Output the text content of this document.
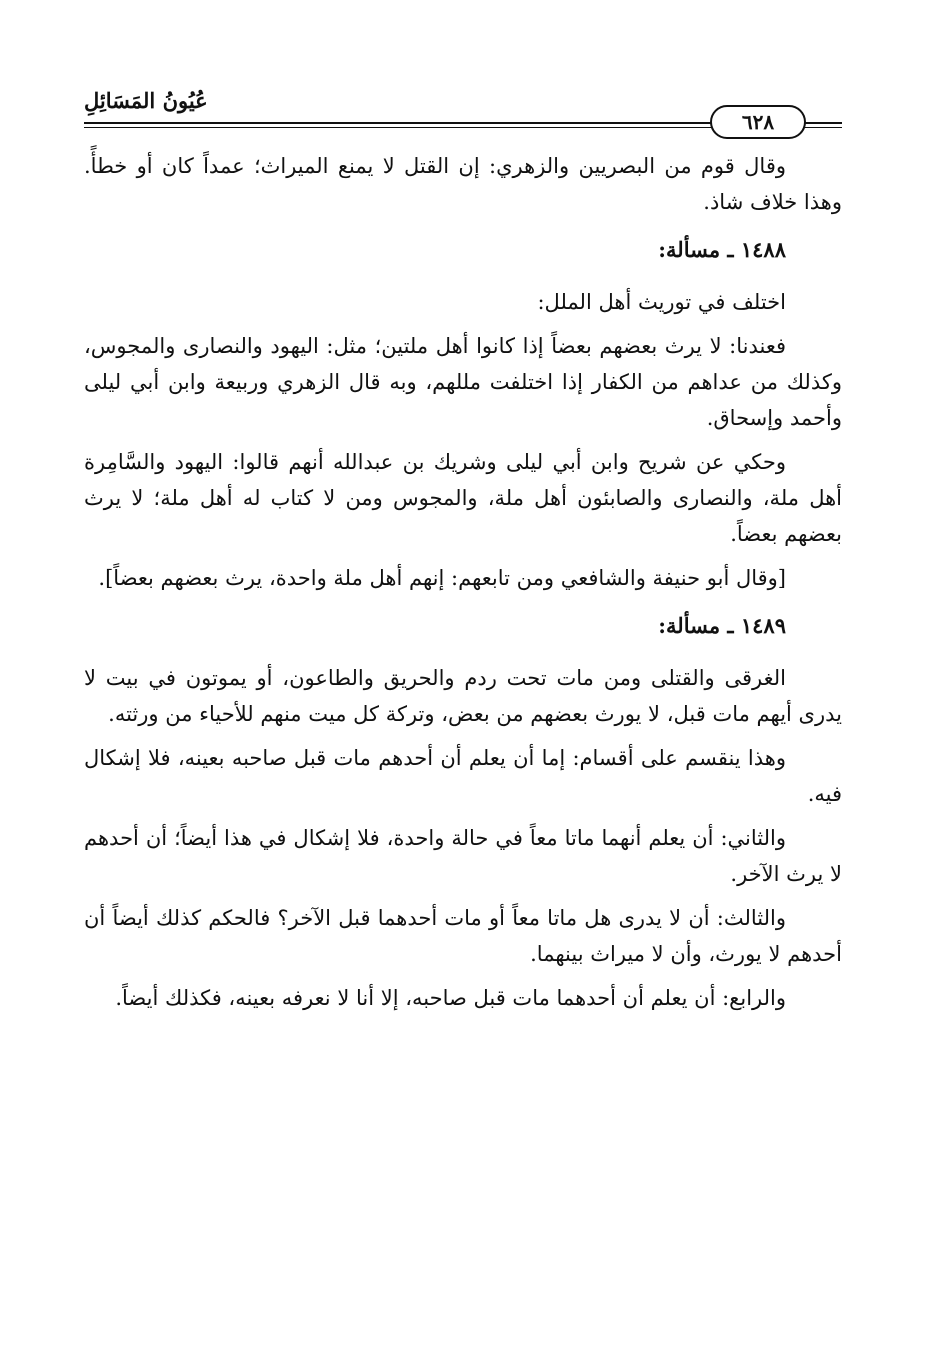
عُيُونُ المَسَائِلِ
٦٢٨

وقال قوم من البصريين والزهري: إن القتل لا يمنع الميراث؛ عمداً كان أو خطأً. وهذا خلاف شاذ.

١٤٨٨ ـ مسألة:

اختلف في توريث أهل الملل:

فعندنا: لا يرث بعضهم بعضاً إذا كانوا أهل ملتين؛ مثل: اليهود والنصارى والمجوس، وكذلك من عداهم من الكفار إذا اختلفت مللهم، وبه قال الزهري وربيعة وابن أبي ليلى وأحمد وإسحاق.

وحكي عن شريح وابن أبي ليلى وشريك بن عبدالله أنهم قالوا: اليهود والسَّامِرة أهل ملة، والنصارى والصابئون أهل ملة، والمجوس ومن لا كتاب له أهل ملة؛ لا يرث بعضهم بعضاً.

[وقال أبو حنيفة والشافعي ومن تابعهم: إنهم أهل ملة واحدة، يرث بعضهم بعضاً].

١٤٨٩ ـ مسألة:

الغرقى والقتلى ومن مات تحت ردم والحريق والطاعون، أو يموتون في بيت لا يدرى أيهم مات قبل، لا يورث بعضهم من بعض، وتركة كل ميت منهم للأحياء من ورثته.

وهذا ينقسم على أقسام: إما أن يعلم أن أحدهم مات قبل صاحبه بعينه، فلا إشكال فيه.

والثاني: أن يعلم أنهما ماتا معاً في حالة واحدة، فلا إشكال في هذا أيضاً؛ أن أحدهم لا يرث الآخر.

والثالث: أن لا يدرى هل ماتا معاً أو مات أحدهما قبل الآخر؟ فالحكم كذلك أيضاً أن أحدهم لا يورث، وأن لا ميراث بينهما.

والرابع: أن يعلم أن أحدهما مات قبل صاحبه، إلا أنا لا نعرفه بعينه، فكذلك أيضاً.
